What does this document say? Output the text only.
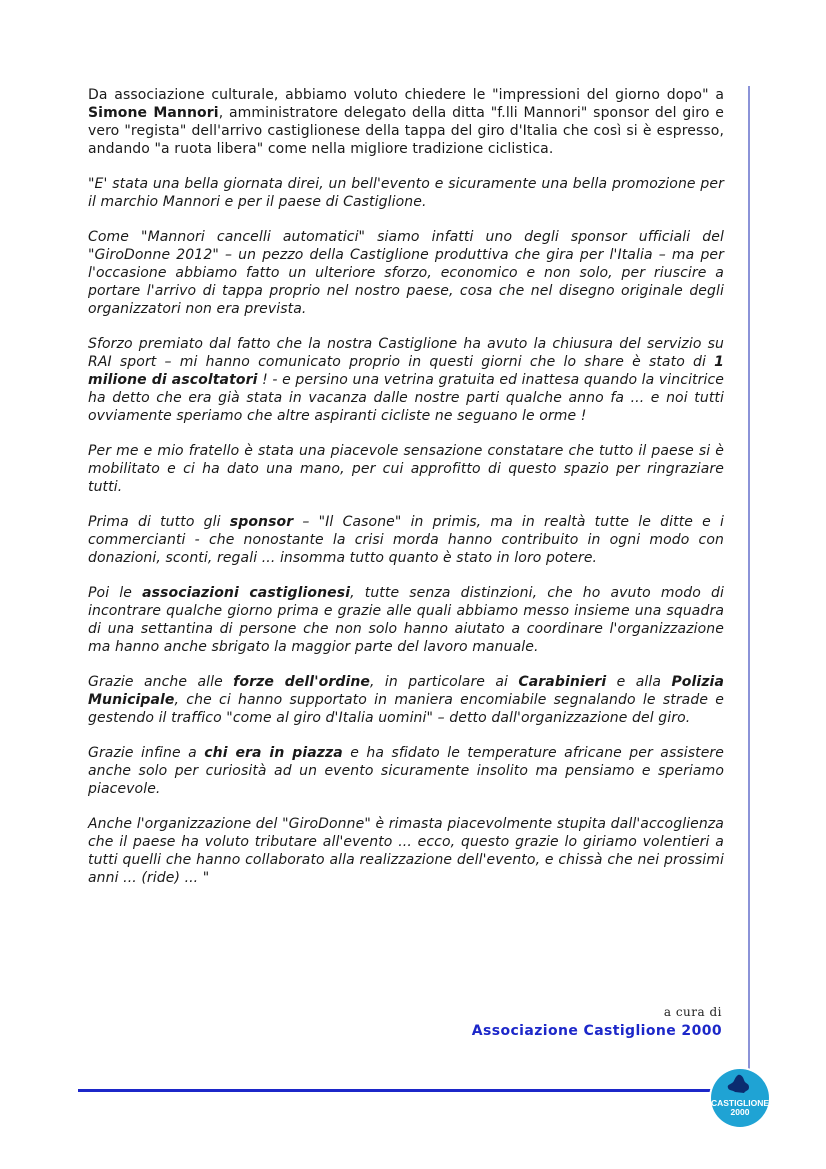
Da associazione culturale, abbiamo voluto chiedere le "impressioni del giorno dopo" a Simone Mannori, amministratore delegato della ditta "f.lli Mannori" sponsor del giro e vero "regista" dell'arrivo castiglionese della tappa del giro d'Italia che così si è espresso, andando "a ruota libera" come nella migliore tradizione ciclistica.

"E' stata una bella giornata direi, un bell'evento e sicuramente una bella promozione per il marchio Mannori e per il paese di Castiglione.

Come "Mannori cancelli automatici" siamo infatti uno degli sponsor ufficiali del "GiroDonne 2012" – un pezzo della Castiglione produttiva che gira per l'Italia – ma per l'occasione abbiamo fatto un ulteriore sforzo, economico e non solo, per riuscire a portare l'arrivo di tappa proprio nel nostro paese, cosa che nel disegno originale degli organizzatori non era prevista.

Sforzo premiato dal fatto che la nostra Castiglione ha avuto la chiusura del servizio su RAI sport – mi hanno comunicato proprio in questi giorni che lo share è stato di 1 milione di ascoltatori ! - e persino una vetrina gratuita ed inattesa quando la vincitrice ha detto che era già stata in vacanza dalle nostre parti qualche anno fa ... e noi tutti ovviamente speriamo che altre aspiranti cicliste ne seguano le orme !

Per me e mio fratello è stata una piacevole sensazione constatare che tutto il paese si è mobilitato e ci ha dato una mano, per cui approfitto di questo spazio per ringraziare tutti.

Prima di tutto gli sponsor – "Il Casone" in primis, ma in realtà tutte le ditte e i commercianti - che nonostante la crisi morda hanno contribuito in ogni modo con donazioni, sconti, regali ... insomma tutto quanto è stato in loro potere.

Poi le associazioni castiglionesi, tutte senza distinzioni, che ho avuto modo di incontrare qualche giorno prima e grazie alle quali abbiamo messo insieme una squadra di una settantina di persone che non solo hanno aiutato a coordinare l'organizzazione ma hanno anche sbrigato la maggior parte del lavoro manuale.

Grazie anche alle forze dell'ordine, in particolare ai Carabinieri e alla Polizia Municipale, che ci hanno supportato in maniera encomiabile segnalando le strade e gestendo il traffico "come al giro d'Italia uomini" – detto dall'organizzazione del giro.

Grazie infine a chi era in piazza e ha sfidato le temperature africane per assistere anche solo per curiosità ad un evento sicuramente insolito ma pensiamo e speriamo piacevole.

Anche l'organizzazione del "GiroDonne" è rimasta piacevolmente stupita dall'accoglienza che il paese ha voluto tributare all'evento ... ecco, questo grazie lo giriamo volentieri a tutti quelli che hanno collaborato alla realizzazione dell'evento, e chissà che nei prossimi anni ... (ride) ... "

a cura di
Associazione Castiglione 2000
CASTIGLIONE
2000
